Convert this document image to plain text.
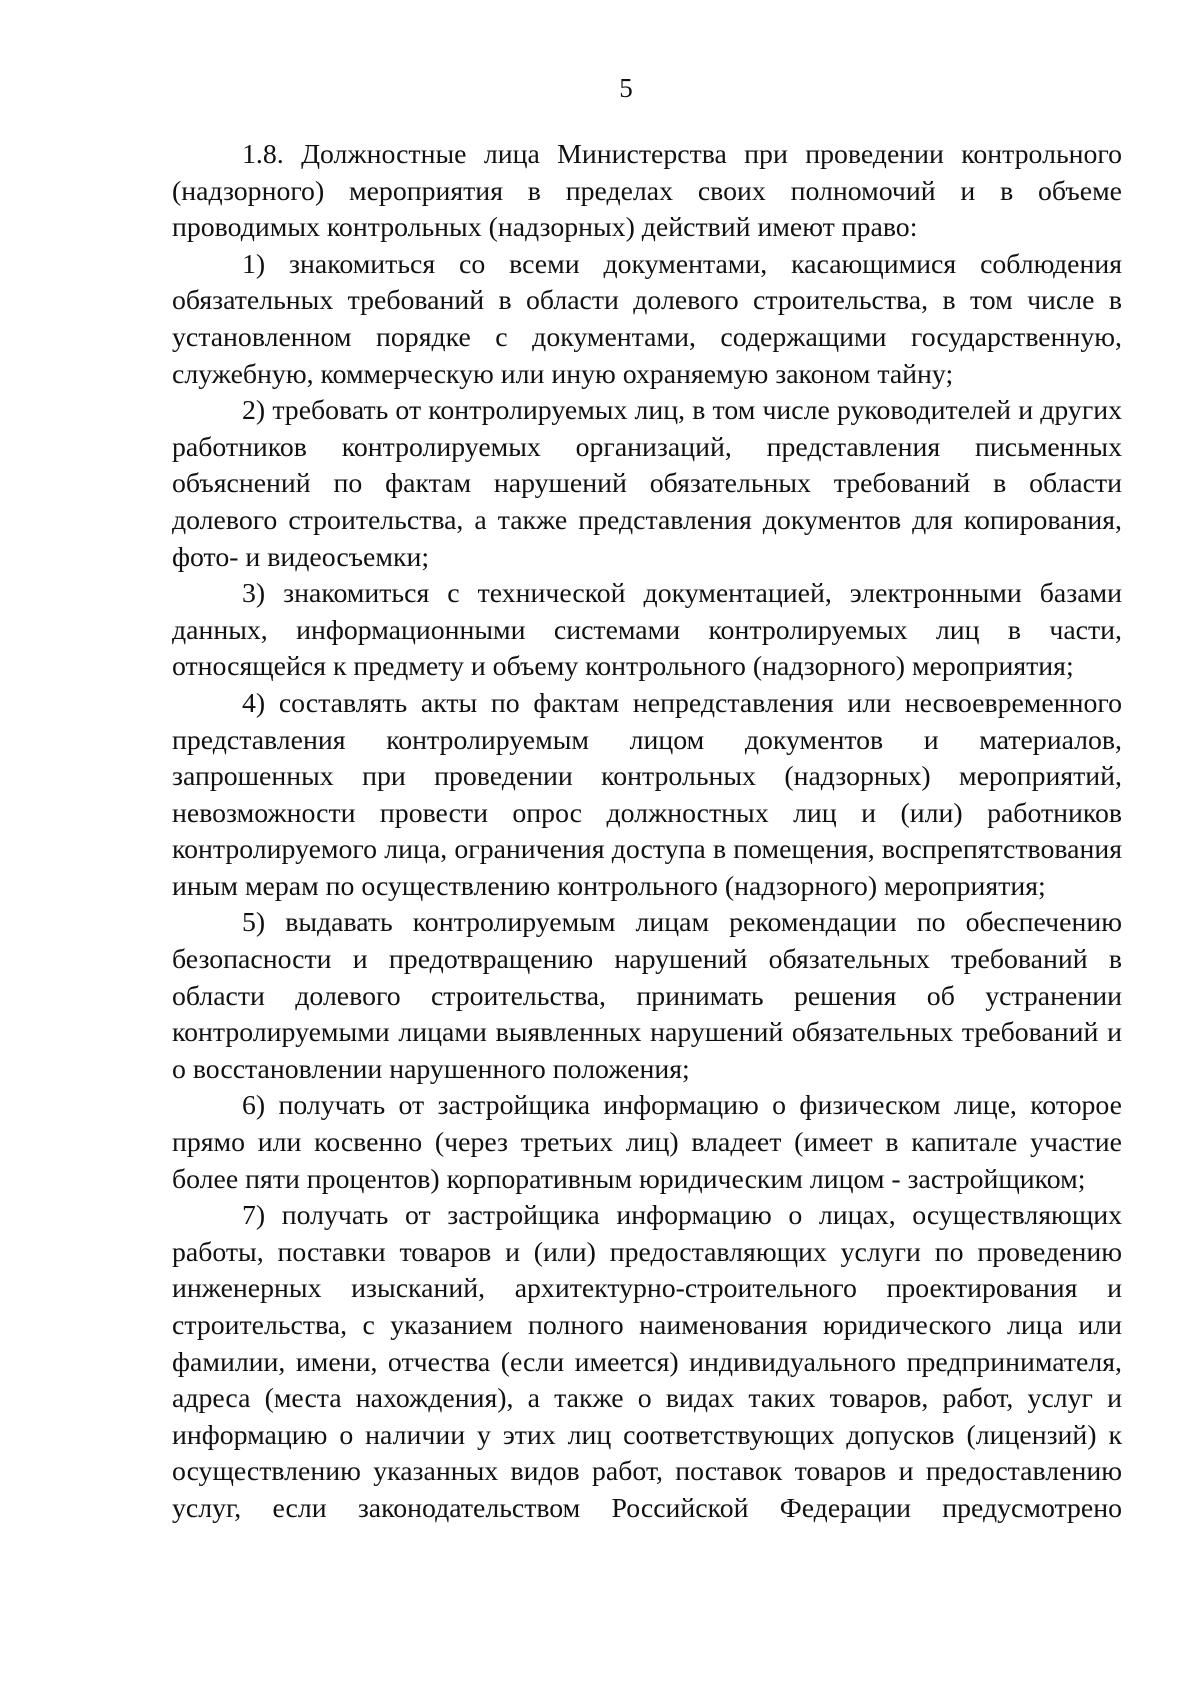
5

1.8. Должностные лица Министерства при проведении контрольного (надзорного) мероприятия в пределах своих полномочий и в объеме проводимых контрольных (надзорных) действий имеют право:

1) знакомиться со всеми документами, касающимися соблюдения обязательных требований в области долевого строительства, в том числе в установленном порядке с документами, содержащими государственную, служебную, коммерческую или иную охраняемую законом тайну;

2) требовать от контролируемых лиц, в том числе руководителей и других работников контролируемых организаций, представления письменных объяснений по фактам нарушений обязательных требований в области долевого строительства, а также представления документов для копирования, фото- и видеосъемки;

3) знакомиться с технической документацией, электронными базами данных, информационными системами контролируемых лиц в части, относящейся к предмету и объему контрольного (надзорного) мероприятия;

4) составлять акты по фактам непредставления или несвоевременного представления контролируемым лицом документов и материалов, запрошенных при проведении контрольных (надзорных) мероприятий, невозможности провести опрос должностных лиц и (или) работников контролируемого лица, ограничения доступа в помещения, воспрепятствования иным мерам по осуществлению контрольного (надзорного) мероприятия;

5) выдавать контролируемым лицам рекомендации по обеспечению безопасности и предотвращению нарушений обязательных требований в области долевого строительства, принимать решения об устранении контролируемыми лицами выявленных нарушений обязательных требований и о восстановлении нарушенного положения;

6) получать от застройщика информацию о физическом лице, которое прямо или косвенно (через третьих лиц) владеет (имеет в капитале участие более пяти процентов) корпоративным юридическим лицом - застройщиком;

7) получать от застройщика информацию о лицах, осуществляющих работы, поставки товаров и (или) предоставляющих услуги по проведению инженерных изысканий, архитектурно-строительного проектирования и строительства, с указанием полного наименования юридического лица или фамилии, имени, отчества (если имеется) индивидуального предпринимателя, адреса (места нахождения), а также о видах таких товаров, работ, услуг и информацию о наличии у этих лиц соответствующих допусков (лицензий) к осуществлению указанных видов работ, поставок товаров и предоставлению услуг, если законодательством Российской Федерации предусмотрено
